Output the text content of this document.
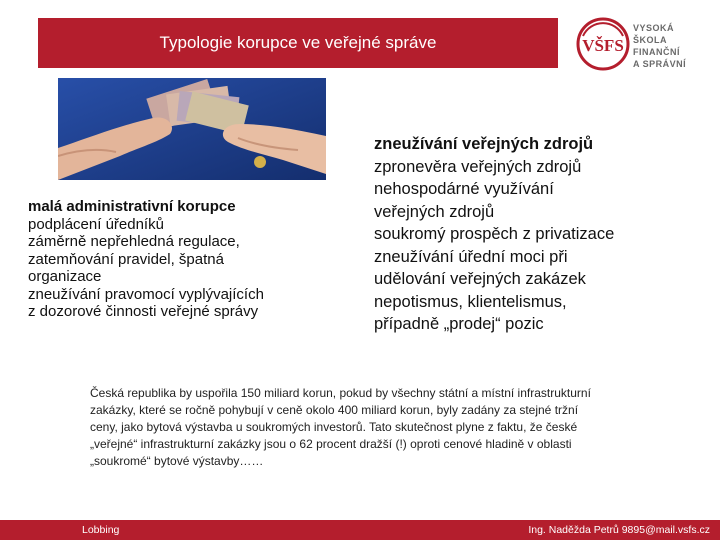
Typologie korupce ve veřejné správe	VŠFS
VYSOKÁ ŠKOLA
FINANČNÍ
A SPRÁVNÍ
malá administrativní korupce
podplácení úředníků
záměrně nepřehledná regulace,
zatemňování pravidel, špatná
organizace
zneužívání pravomocí vyplývajících
z dozorové činnosti veřejné správy
zneužívání veřejných zdrojů
zpronevěra veřejných zdrojů
nehospodárné využívání
veřejných zdrojů
soukromý prospěch z privatizace
zneužívání úřední moci při
udělování veřejných zakázek
nepotismus, klientelismus,
případně „prodej“ pozic
Česká republika by uspořila 150 miliard korun, pokud by všechny státní a místní infrastrukturní
zakázky, které se ročně pohybují v ceně okolo 400 miliard korun, byly zadány za stejné tržní
ceny, jako bytová výstavba u soukromých investorů. Tato skutečnost plyne z faktu, že české
„veřejné“ infrastrukturní zakázky jsou o 62 procent dražší (!) oproti cenové hladině v oblasti
„soukromé“ bytové výstavby……
Lobbing	Ing. Naděžda Petrů 9895@mail.vsfs.cz
